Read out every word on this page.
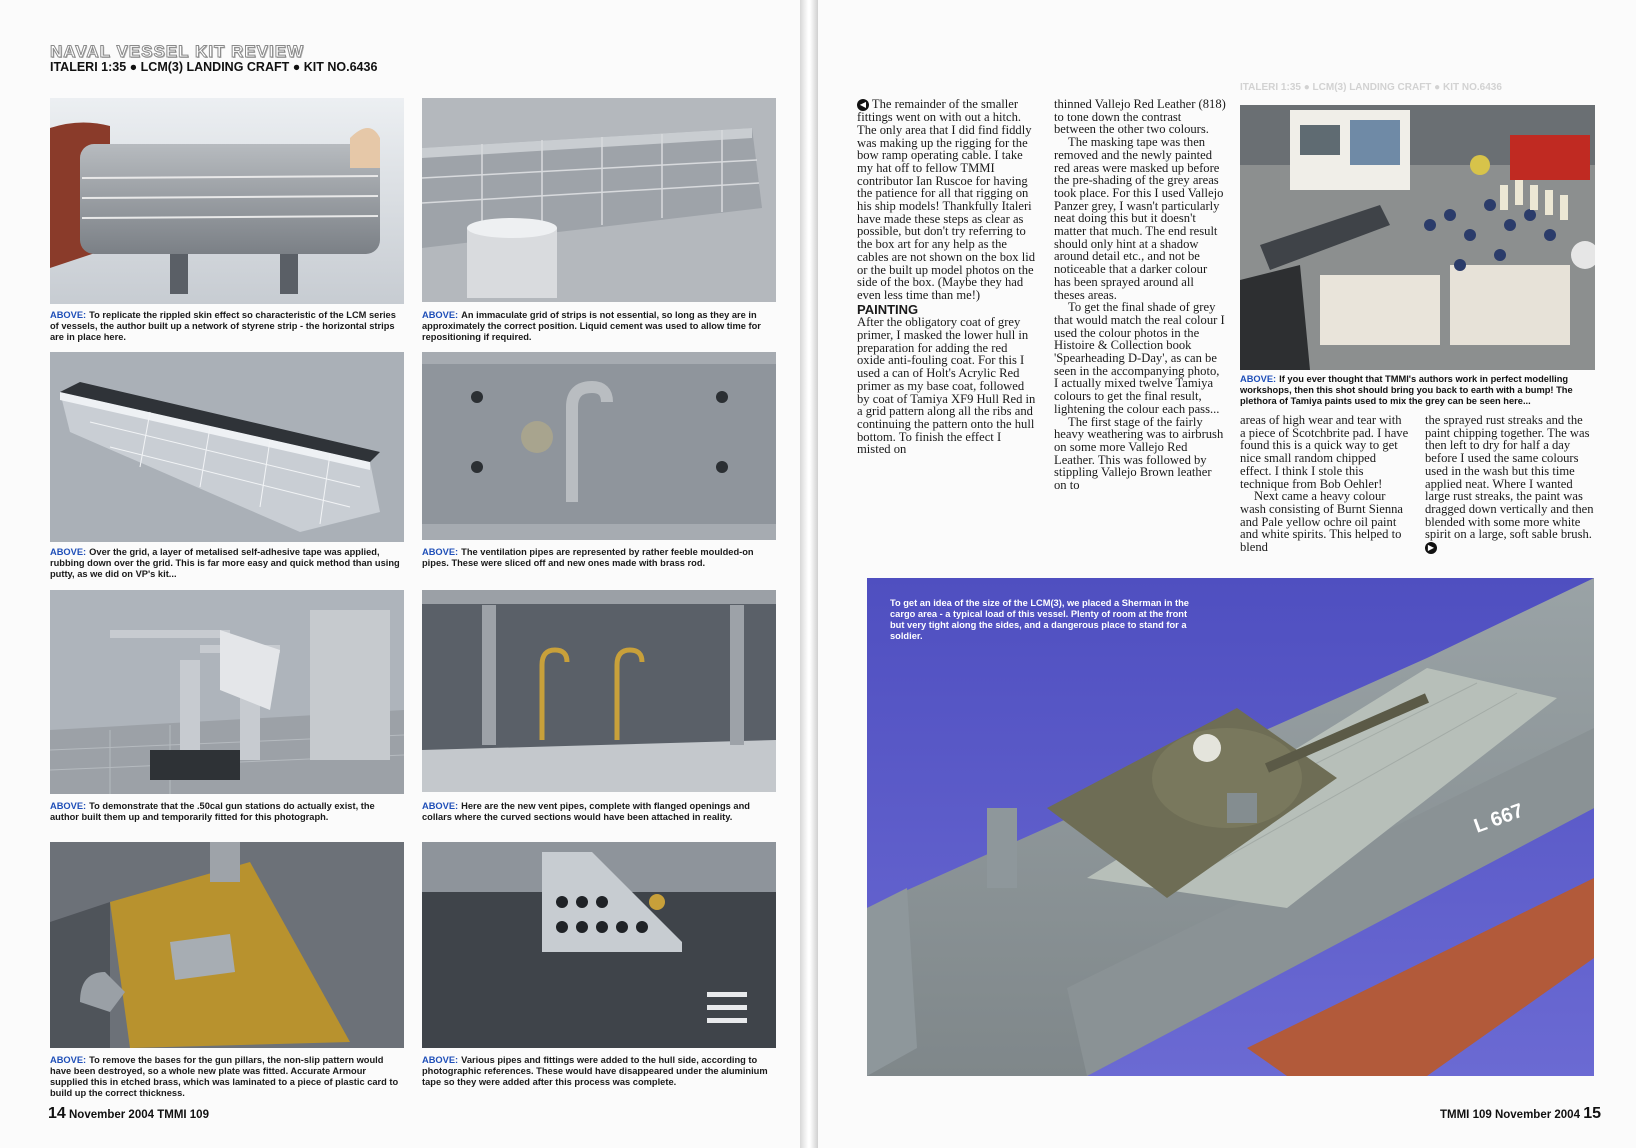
NAVAL VESSEL KIT REVIEW
ITALERI 1:35 ● LCM(3) LANDING CRAFT ● KIT NO.6436
ABOVE: To replicate the rippled skin effect so characteristic of the LCM series of vessels, the author built up a network of styrene strip - the horizontal strips are in place here.
ABOVE: An immaculate grid of strips is not essential, so long as they are in approximately the correct position. Liquid cement was used to allow time for repositioning if required.
ABOVE: Over the grid, a layer of metalised self-adhesive tape was applied, rubbing down over the grid. This is far more easy and quick method than using putty, as we did on VP's kit...
ABOVE: The ventilation pipes are represented by rather feeble moulded-on pipes. These were sliced off and new ones made with brass rod.
ABOVE: To demonstrate that the .50cal gun stations do actually exist, the author built them up and temporarily fitted for this photograph.
ABOVE: Here are the new vent pipes, complete with flanged openings and collars where the curved sections would have been attached in reality.
ABOVE: To remove the bases for the gun pillars, the non-slip pattern would have been destroyed, so a whole new plate was fitted. Accurate Armour supplied this in etched brass, which was laminated to a piece of plastic card to build up the correct thickness.
ABOVE: Various pipes and fittings were added to the hull side, according to photographic references. These would have disappeared under the aluminium tape so they were added after this process was complete.
14 November 2004 TMMI 109
ITALERI 1:35 ● LCM(3) LANDING CRAFT ● KIT NO.6436

◀ The remainder of the smaller fittings went on with out a hitch. The only area that I did find fiddly was making up the rigging for the bow ramp operating cable. I take my hat off to fellow TMMI contributor Ian Ruscoe for having the patience for all that rigging on his ship models! Thankfully Italeri have made these steps as clear as possible, but don't try referring to the box art for any help as the cables are not shown on the box lid or the built up model photos on the side of the box. (Maybe they had even less time than me!)

PAINTING

After the obligatory coat of grey primer, I masked the lower hull in preparation for adding the red oxide anti-fouling coat. For this I used a can of Holt's Acrylic Red primer as my base coat, followed by coat of Tamiya XF9 Hull Red in a grid pattern along all the ribs and continuing the pattern onto the hull bottom. To finish the effect I misted on

thinned Vallejo Red Leather (818) to tone down the contrast between the other two colours.

The masking tape was then removed and the newly painted red areas were masked up before the pre-shading of the grey areas took place. For this I used Vallejo Panzer grey, I wasn't particularly neat doing this but it doesn't matter that much. The end result should only hint at a shadow around detail etc., and not be noticeable that a darker colour has been sprayed around all theses areas.

To get the final shade of grey that would match the real colour I used the colour photos in the Histoire & Collection book 'Spearheading D-Day', as can be seen in the accompanying photo, I actually mixed twelve Tamiya colours to get the final result, lightening the colour each pass...

The first stage of the fairly heavy weathering was to airbrush on some more Vallejo Red Leather. This was followed by stippling Vallejo Brown leather on to

ABOVE: If you ever thought that TMMI's authors work in perfect modelling workshops, then this shot should bring you back to earth with a bump! The plethora of Tamiya paints used to mix the grey can be seen here...

areas of high wear and tear with a piece of Scotchbrite pad. I have found this is a quick way to get nice small random chipped effect. I think I stole this technique from Bob Oehler!

Next came a heavy colour wash consisting of Burnt Sienna and Pale yellow ochre oil paint and white spirits. This helped to blend

the sprayed rust streaks and the paint chipping together. The was then left to dry for half a day before I used the same colours used in the wash but this time applied neat. Where I wanted large rust streaks, the paint was dragged down vertically and then blended with some more white spirit on a large, soft sable brush. ▶

L 667
To get an idea of the size of the LCM(3), we placed a Sherman in the cargo area - a typical load of this vessel. Plenty of room at the front but very tight along the sides, and a dangerous place to stand for a soldier.
TMMI 109 November 2004 15
